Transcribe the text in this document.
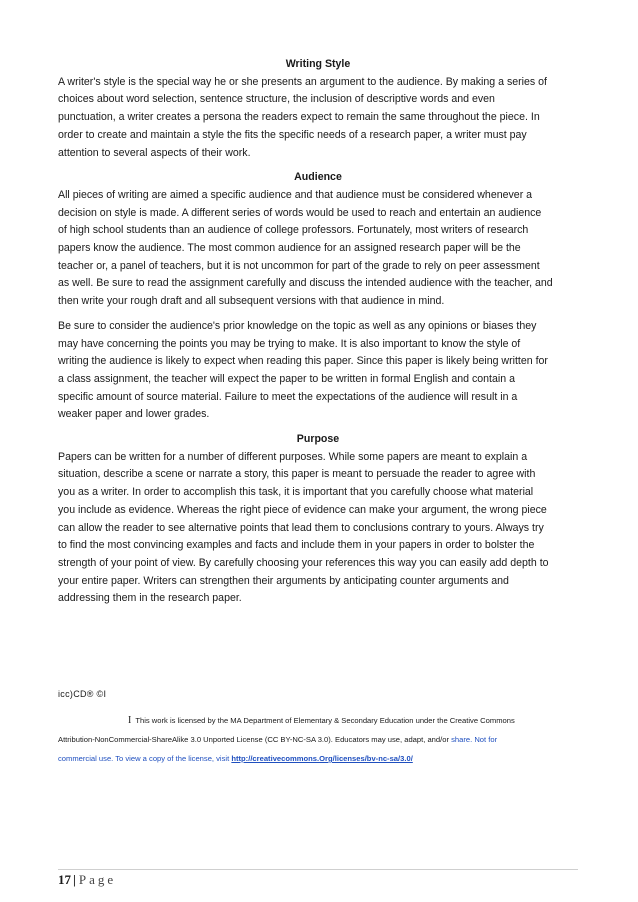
Writing Style

A writer's style is the special way he or she presents an argument to the audience. By making a series of
choices about word selection, sentence structure, the inclusion of descriptive words and even
punctuation, a writer creates a persona the readers expect to remain the same throughout the piece. In
order to create and maintain a style the fits the specific needs of a research paper, a writer must pay
attention to several aspects of their work.

Audience

All pieces of writing are aimed a specific audience and that audience must be considered whenever a
decision on style is made. A different series of words would be used to reach and entertain an audience
of high school students than an audience of college professors. Fortunately, most writers of research
papers know the audience. The most common audience for an assigned research paper will be the
teacher or, a panel of teachers, but it is not uncommon for part of the grade to rely on peer assessment
as well. Be sure to read the assignment carefully and discuss the intended audience with the teacher, and
then write your rough draft and all subsequent versions with that audience in mind.

Be sure to consider the audience's prior knowledge on the topic as well as any opinions or biases they
may have concerning the points you may be trying to make. It is also important to know the style of
writing the audience is likely to expect when reading this paper. Since this paper is likely being written for
a class assignment, the teacher will expect the paper to be written in formal English and contain a
specific amount of source material. Failure to meet the expectations of the audience will result in a
weaker paper and lower grades.

Purpose

Papers can be written for a number of different purposes. While some papers are meant to explain a
situation, describe a scene or narrate a story, this paper is meant to persuade the reader to agree with
you as a writer. In order to accomplish this task, it is important that you carefully choose what material
you include as evidence. Whereas the right piece of evidence can make your argument, the wrong piece
can allow the reader to see alternative points that lead them to conclusions contrary to yours. Always try
to find the most convincing examples and facts and include them in your papers in order to bolster the
strength of your point of view. By carefully choosing your references this way you can easily add depth to
your entire paper. Writers can strengthen their arguments by anticipating counter arguments and
addressing them in the research paper.

icc)CD® ©I

I This work is licensed by the MA Department of Elementary & Secondary Education under the Creative Commons
Attribution-NonCommercial-ShareAlike 3.0 Unported License (CC BY-NC-SA 3.0). Educators may use, adapt, and/or share. Not for
commercial use. To view a copy of the license, visit http://creativecommons.Org/licenses/bv-nc-sa/3.0/

17 | Page
